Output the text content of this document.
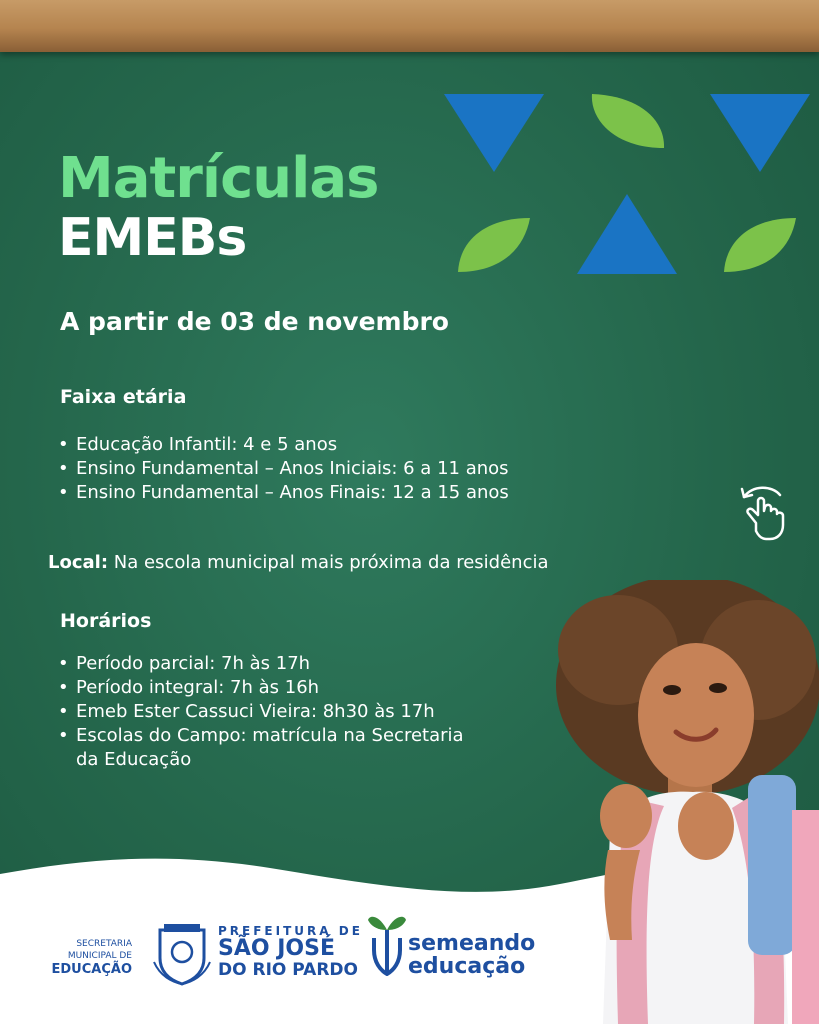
Matrículas
EMEBs
A partir de 03 de novembro
Faixa etária
• Educação Infantil: 4 e 5 anos
• Ensino Fundamental – Anos Iniciais: 6 a 11 anos
• Ensino Fundamental – Anos Finais: 12 a 15 anos
Local: Na escola municipal mais próxima da residência
Horários
• Período parcial: 7h às 17h
• Período integral: 7h às 16h
• Emeb Ester Cassuci Vieira: 8h30 às 17h
• Escolas do Campo: matrícula na Secretaria
da Educação
SECRETARIA
MUNICIPAL DE
EDUCAÇÃO
PREFEITURA DE
SÃO JOSÉ
DO RIO PARDO
semeando
educação
